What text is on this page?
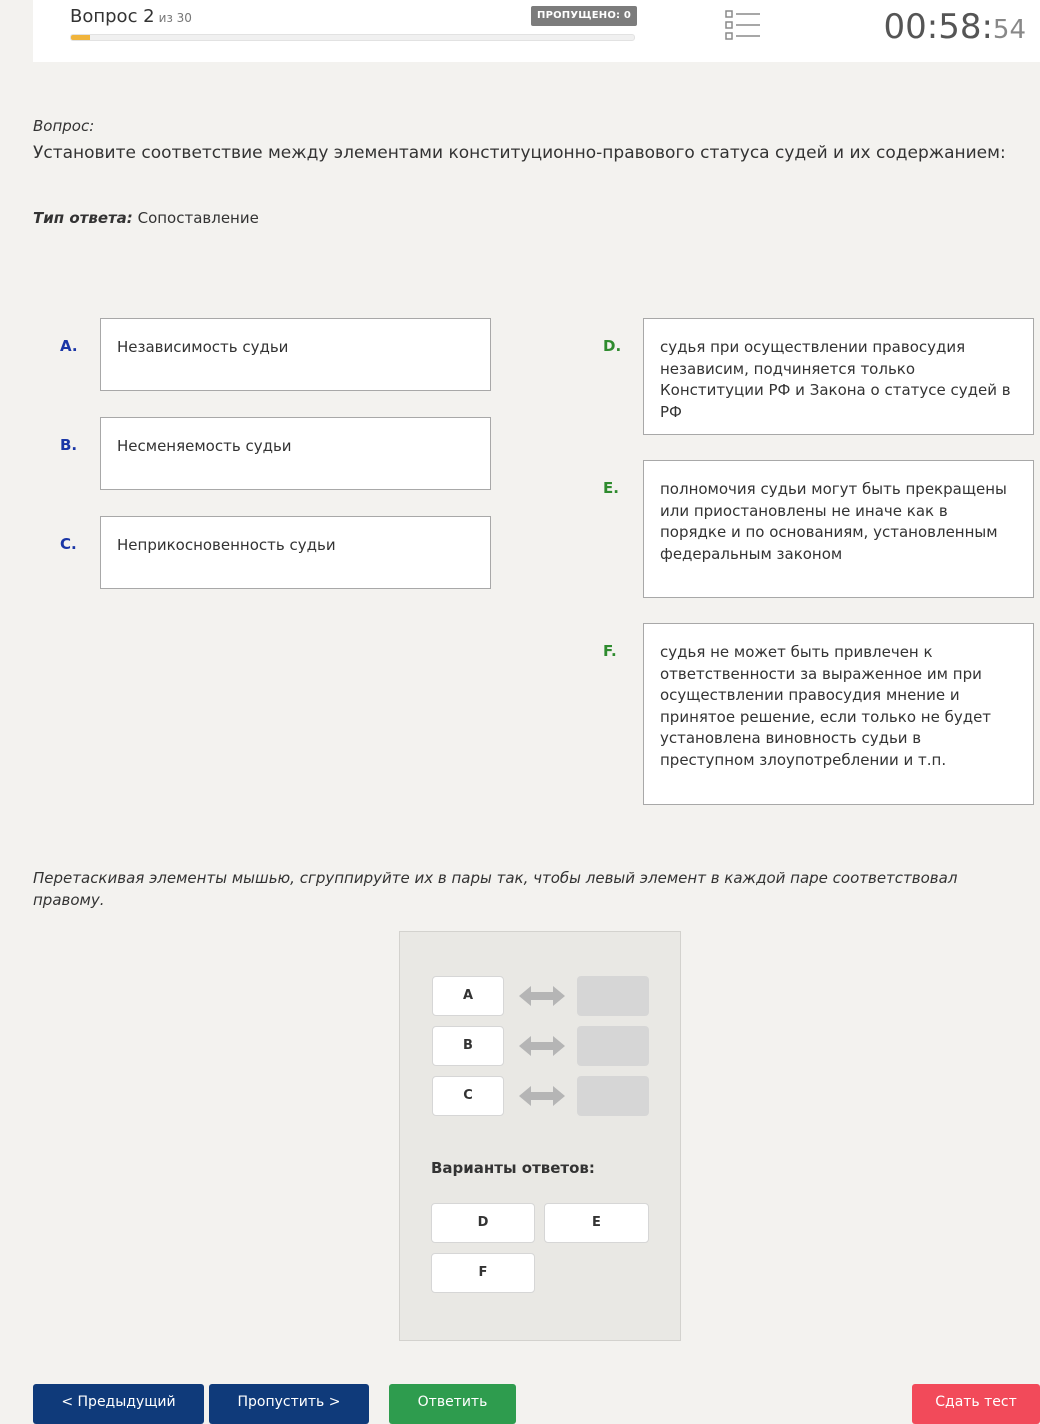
Вопрос 2 из 30	ПРОПУЩЕНО: 0	00:58:54
Вопрос:
Установите соответствие между элементами конституционно-правового статуса судей и их содержанием:
Тип ответа: Сопоставление
A.	Независимость судьи
B.	Несменяемость судьи
C.	Неприкосновенность судьи
D.	судья при осуществлении правосудия независим, подчиняется только Конституции РФ и Закона о статусе судей в РФ
E.	полномочия судьи могут быть прекращены или приостановлены не иначе как в порядке и по основаниям, установленным федеральным законом
F.	судья не может быть привлечен к ответственности за выраженное им при осуществлении правосудия мнение и принятое решение, если только не будет установлена виновность судьи в преступном злоупотреблении и т.п.
Перетаскивая элементы мышью, сгруппируйте их в пары так, чтобы левый элемент в каждой паре соответствовал правому.
A
B
C
Варианты ответов:
D	E
F
< Предыдущий	Пропустить >	Ответить	Сдать тест
